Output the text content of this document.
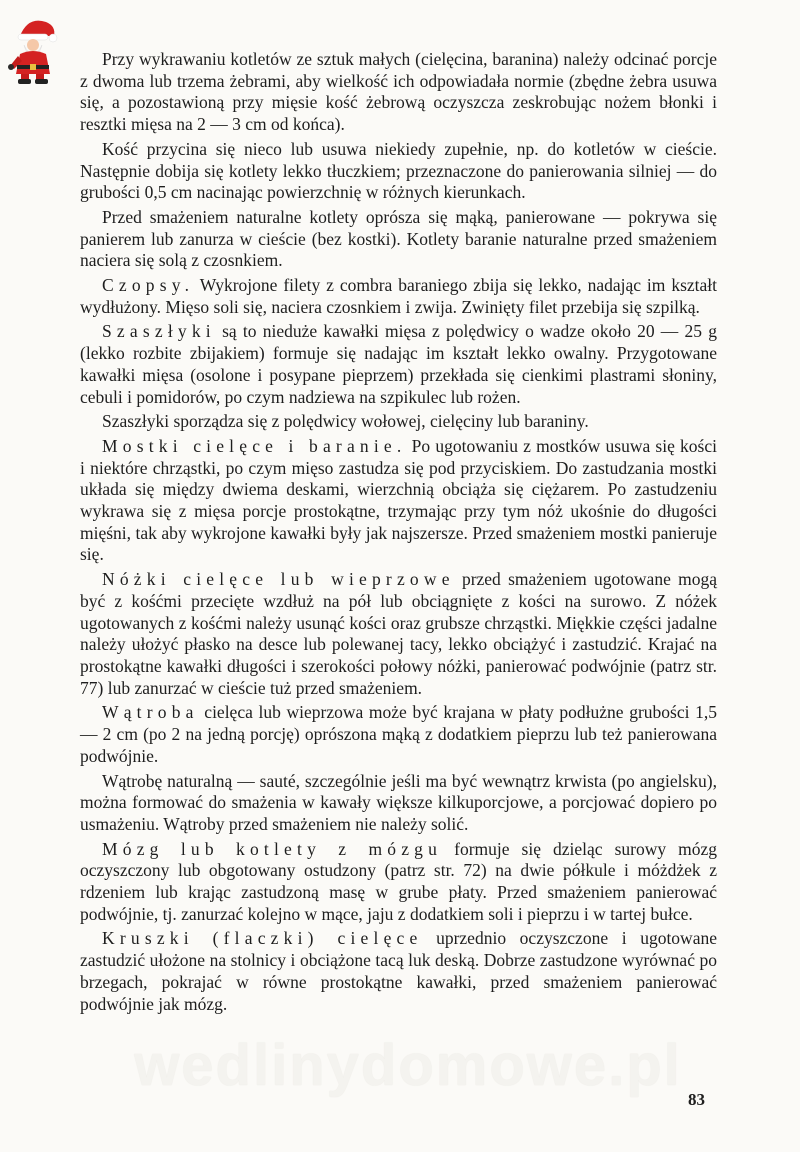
Przy wykrawaniu kotletów ze sztuk małych (cielęcina, baranina) należy odcinać porcje z dwoma lub trzema żebrami, aby wielkość ich odpowiadała normie (zbędne żebra usuwa się, a pozostawioną przy mięsie kość żebrową oczyszcza zeskrobując nożem błonki i resztki mięsa na 2 — 3 cm od końca).

Kość przycina się nieco lub usuwa niekiedy zupełnie, np. do kotletów w cieście. Następnie dobija się kotlety lekko tłuczkiem; przeznaczone do panierowania silniej — do grubości 0,5 cm nacinając powierzchnię w różnych kierunkach.

Przed smażeniem naturalne kotlety oprósza się mąką, panierowane — pokrywa się panierem lub zanurza w cieście (bez kostki). Kotlety baranie naturalne przed smażeniem naciera się solą z czosnkiem.

Czopsy. Wykrojone filety z combra baraniego zbija się lekko, nadając im kształt wydłużony. Mięso soli się, naciera czosnkiem i zwija. Zwinięty filet przebija się szpilką.

Szaszłyki są to nieduże kawałki mięsa z polędwicy o wadze około 20 — 25 g (lekko rozbite zbijakiem) formuje się nadając im kształt lekko owalny. Przygotowane kawałki mięsa (osolone i posypane pieprzem) przekłada się cienkimi plastrami słoniny, cebuli i pomidorów, po czym nadziewa na szpikulec lub rożen.

Szaszłyki sporządza się z polędwicy wołowej, cielęciny lub baraniny.

Mostki cielęce i baranie. Po ugotowaniu z mostków usuwa się kości i niektóre chrząstki, po czym mięso zastudza się pod przyciskiem. Do zastudzania mostki układa się między dwiema deskami, wierzchnią obciąża się ciężarem. Po zastudzeniu wykrawa się z mięsa porcje prostokątne, trzymając przy tym nóż ukośnie do długości mięśni, tak aby wykrojone kawałki były jak najszersze. Przed smażeniem mostki panieruje się.

Nóżki cielęce lub wieprzowe przed smażeniem ugotowane mogą być z kośćmi przecięte wzdłuż na pół lub obciągnięte z kości na surowo. Z nóżek ugotowanych z kośćmi należy usunąć kości oraz grubsze chrząstki. Miękkie części jadalne należy ułożyć płasko na desce lub polewanej tacy, lekko obciążyć i zastudzić. Krajać na prostokątne kawałki długości i szerokości połowy nóżki, panierować podwójnie (patrz str. 77) lub zanurzać w cieście tuż przed smażeniem.

Wątroba cielęca lub wieprzowa może być krajana w płaty podłużne grubości 1,5 — 2 cm (po 2 na jedną porcję) oprószona mąką z dodatkiem pieprzu lub też panierowana podwójnie.

Wątrobę naturalną — sauté, szczególnie jeśli ma być wewnątrz krwista (po angielsku), można formować do smażenia w kawały większe kilkuporcjowe, a porcjować dopiero po usmażeniu. Wątroby przed smażeniem nie należy solić.

Mózg lub kotlety z mózgu formuje się dzieląc surowy mózg oczyszczony lub obgotowany ostudzony (patrz str. 72) na dwie półkule i móżdżek z rdzeniem lub krając zastudzoną masę w grube płaty. Przed smażeniem panierować podwójnie, tj. zanurzać kolejno w mące, jaju z dodatkiem soli i pieprzu i w tartej bułce.

Kruszki (flaczki) cielęce uprzednio oczyszczone i ugotowane zastudzić ułożone na stolnicy i obciążone tacą luk deską. Dobrze zastudzone wyrównać po brzegach, pokrajać w równe prostokątne kawałki, przed smażeniem panierować podwójnie jak mózg.

wedlinydomowe.pl
83
